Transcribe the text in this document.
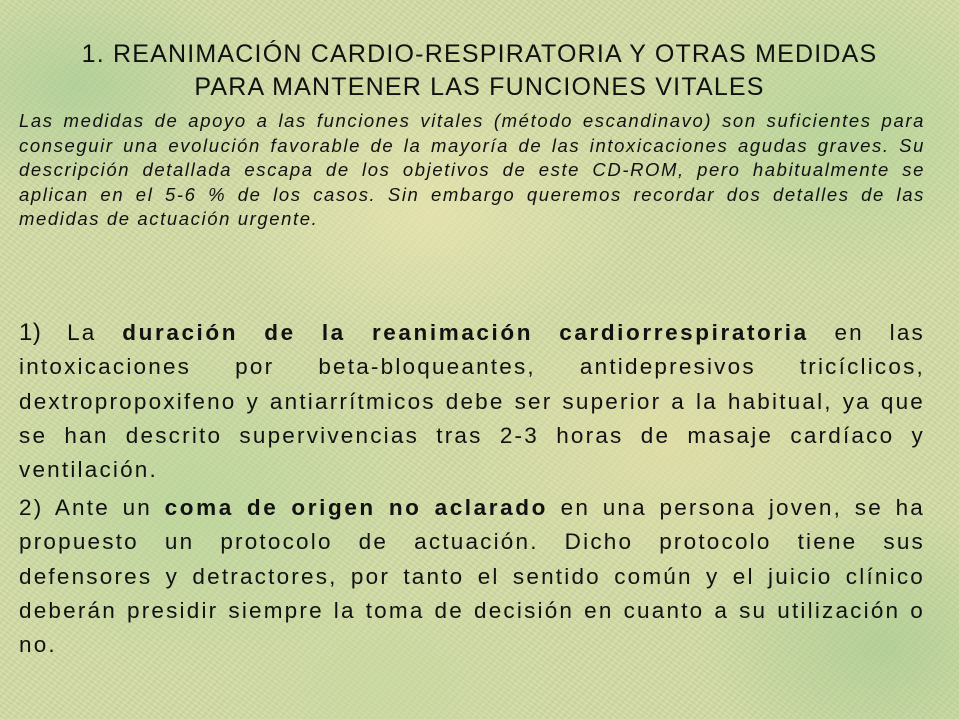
1. REANIMACIÓN CARDIO-RESPIRATORIA Y OTRAS MEDIDAS
PARA MANTENER LAS FUNCIONES VITALES

Las medidas de apoyo a las funciones vitales (método escandinavo) son suficientes para conseguir una evolución favorable de la mayoría de las intoxicaciones agudas graves. Su descripción detallada escapa de los objetivos de este CD-ROM, pero habitualmente se aplican en el 5-6 % de los casos. Sin embargo queremos recordar dos detalles de las medidas de actuación urgente.

1) La duración de la reanimación cardiorrespiratoria en las intoxicaciones por beta-bloqueantes, antidepresivos tricíclicos, dextropropoxifeno y antiarrítmicos debe ser superior a la habitual, ya que se han descrito supervivencias tras 2-3 horas de masaje cardíaco y ventilación.

2) Ante un coma de origen no aclarado en una persona joven, se ha propuesto un protocolo de actuación. Dicho protocolo tiene sus defensores y detractores, por tanto el sentido común y el juicio clínico deberán presidir siempre la toma de decisión en cuanto a su utilización o no.
